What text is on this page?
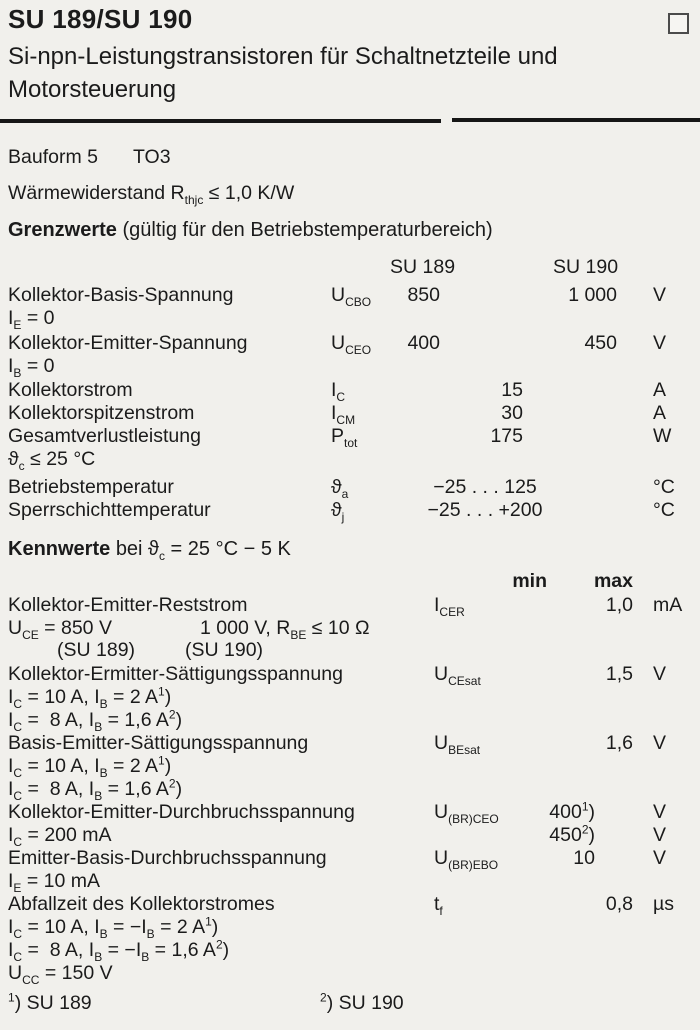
SU 189/SU 190
Si-npn-Leistungstransistoren für Schaltnetzteile und Motorsteuerung
Bauform 5 TO3
Wärmewiderstand $R_{thjc} \le 1,0$ K/W
Grenzwerte (gültig für den Betriebstemperaturbereich)
SU 189	SU 190
Kollektor-Basis-Spannung	$U_{CBO}$	850	1 000 V
$I_E = 0$
Kollektor-Emitter-Spannung	$U_{CEO}$	400	450 V
$I_B = 0$
Kollektorstrom	$I_C$	15	A
Kollektorspitzenstrom	$I_{CM}$	30	A
Gesamtverlustleistung	$P_{tot}$	175	W
$ϑ_c \le 25$ °C
Betriebstemperatur	$ϑ_a$	−25 . . . 125	°C
Sperrschichttemperatur	$ϑ_j$	−25 . . . +200	°C
Kennwerte bei $ϑ_c = 25$ °C − 5 K
min	max
Kollektor-Emitter-Reststrom	$I_{CER}$	1,0 mA
$U_{CE} = 850$ V	1 000 V, $R_{BE} \le 10$ Ω
(SU 189)	(SU 190)
Kollektor-Ermitter-Sättigungsspannung	$U_{CEsat}$	1,5 V
$I_C = 10$ A, $I_B = 2$ $A^1$)
$I_C = 8$ A, $I_B = 1,6$ $A^2$)
Basis-Emitter-Sättigungsspannung	$U_{BEsat}$	1,6 V
$I_C = 10$ A, $I_B = 2$ $A^1$)
$I_C = 8$ A, $I_B = 1,6$ $A^2$)
Kollektor-Emitter-Durchbruchsspannung	$U_{(BR)CEO}$	$400^1$)	V
$I_C = 200$ mA	$450^2$)	V
Emitter-Basis-Durchbruchsspannung	$U_{(BR)EBO}$	10	V
$I_E = 10$ mA
Abfallzeit des Kollektorstromes	$t_f$	0,8 µs
$I_C = 10$ A, $I_B = -I_B = 2$ $A^1$)
$I_C = 8$ A, $I_B = -I_B = 1,6$ $A^2$)
$U_{CC} = 150$ V
$^1$) SU 189	$^2$) SU 190
